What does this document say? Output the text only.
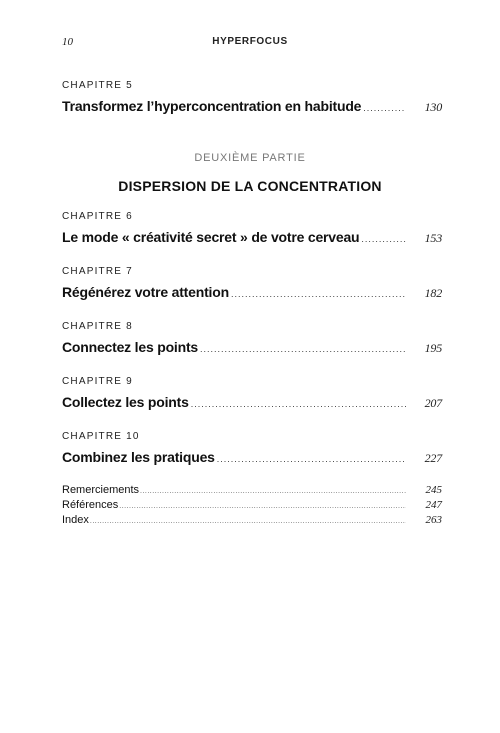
10	HYPERFOCUS
CHAPITRE 5
Transformez l’hyperconcentration en habitude .....	130
CHAPITRE 6
Le mode « créativité secret » de votre cerveau .....	153
CHAPITRE 7
Régénérez votre attention .....	182
CHAPITRE 8
Connectez les points .....	195
CHAPITRE 9
Collectez les points .....	207
CHAPITRE 10
Combinez les pratiques .....	227
DEUXIÈME PARTIE
DISPERSION DE LA CONCENTRATION
Remerciements .....	245
Références .....	247
Index .....	263
